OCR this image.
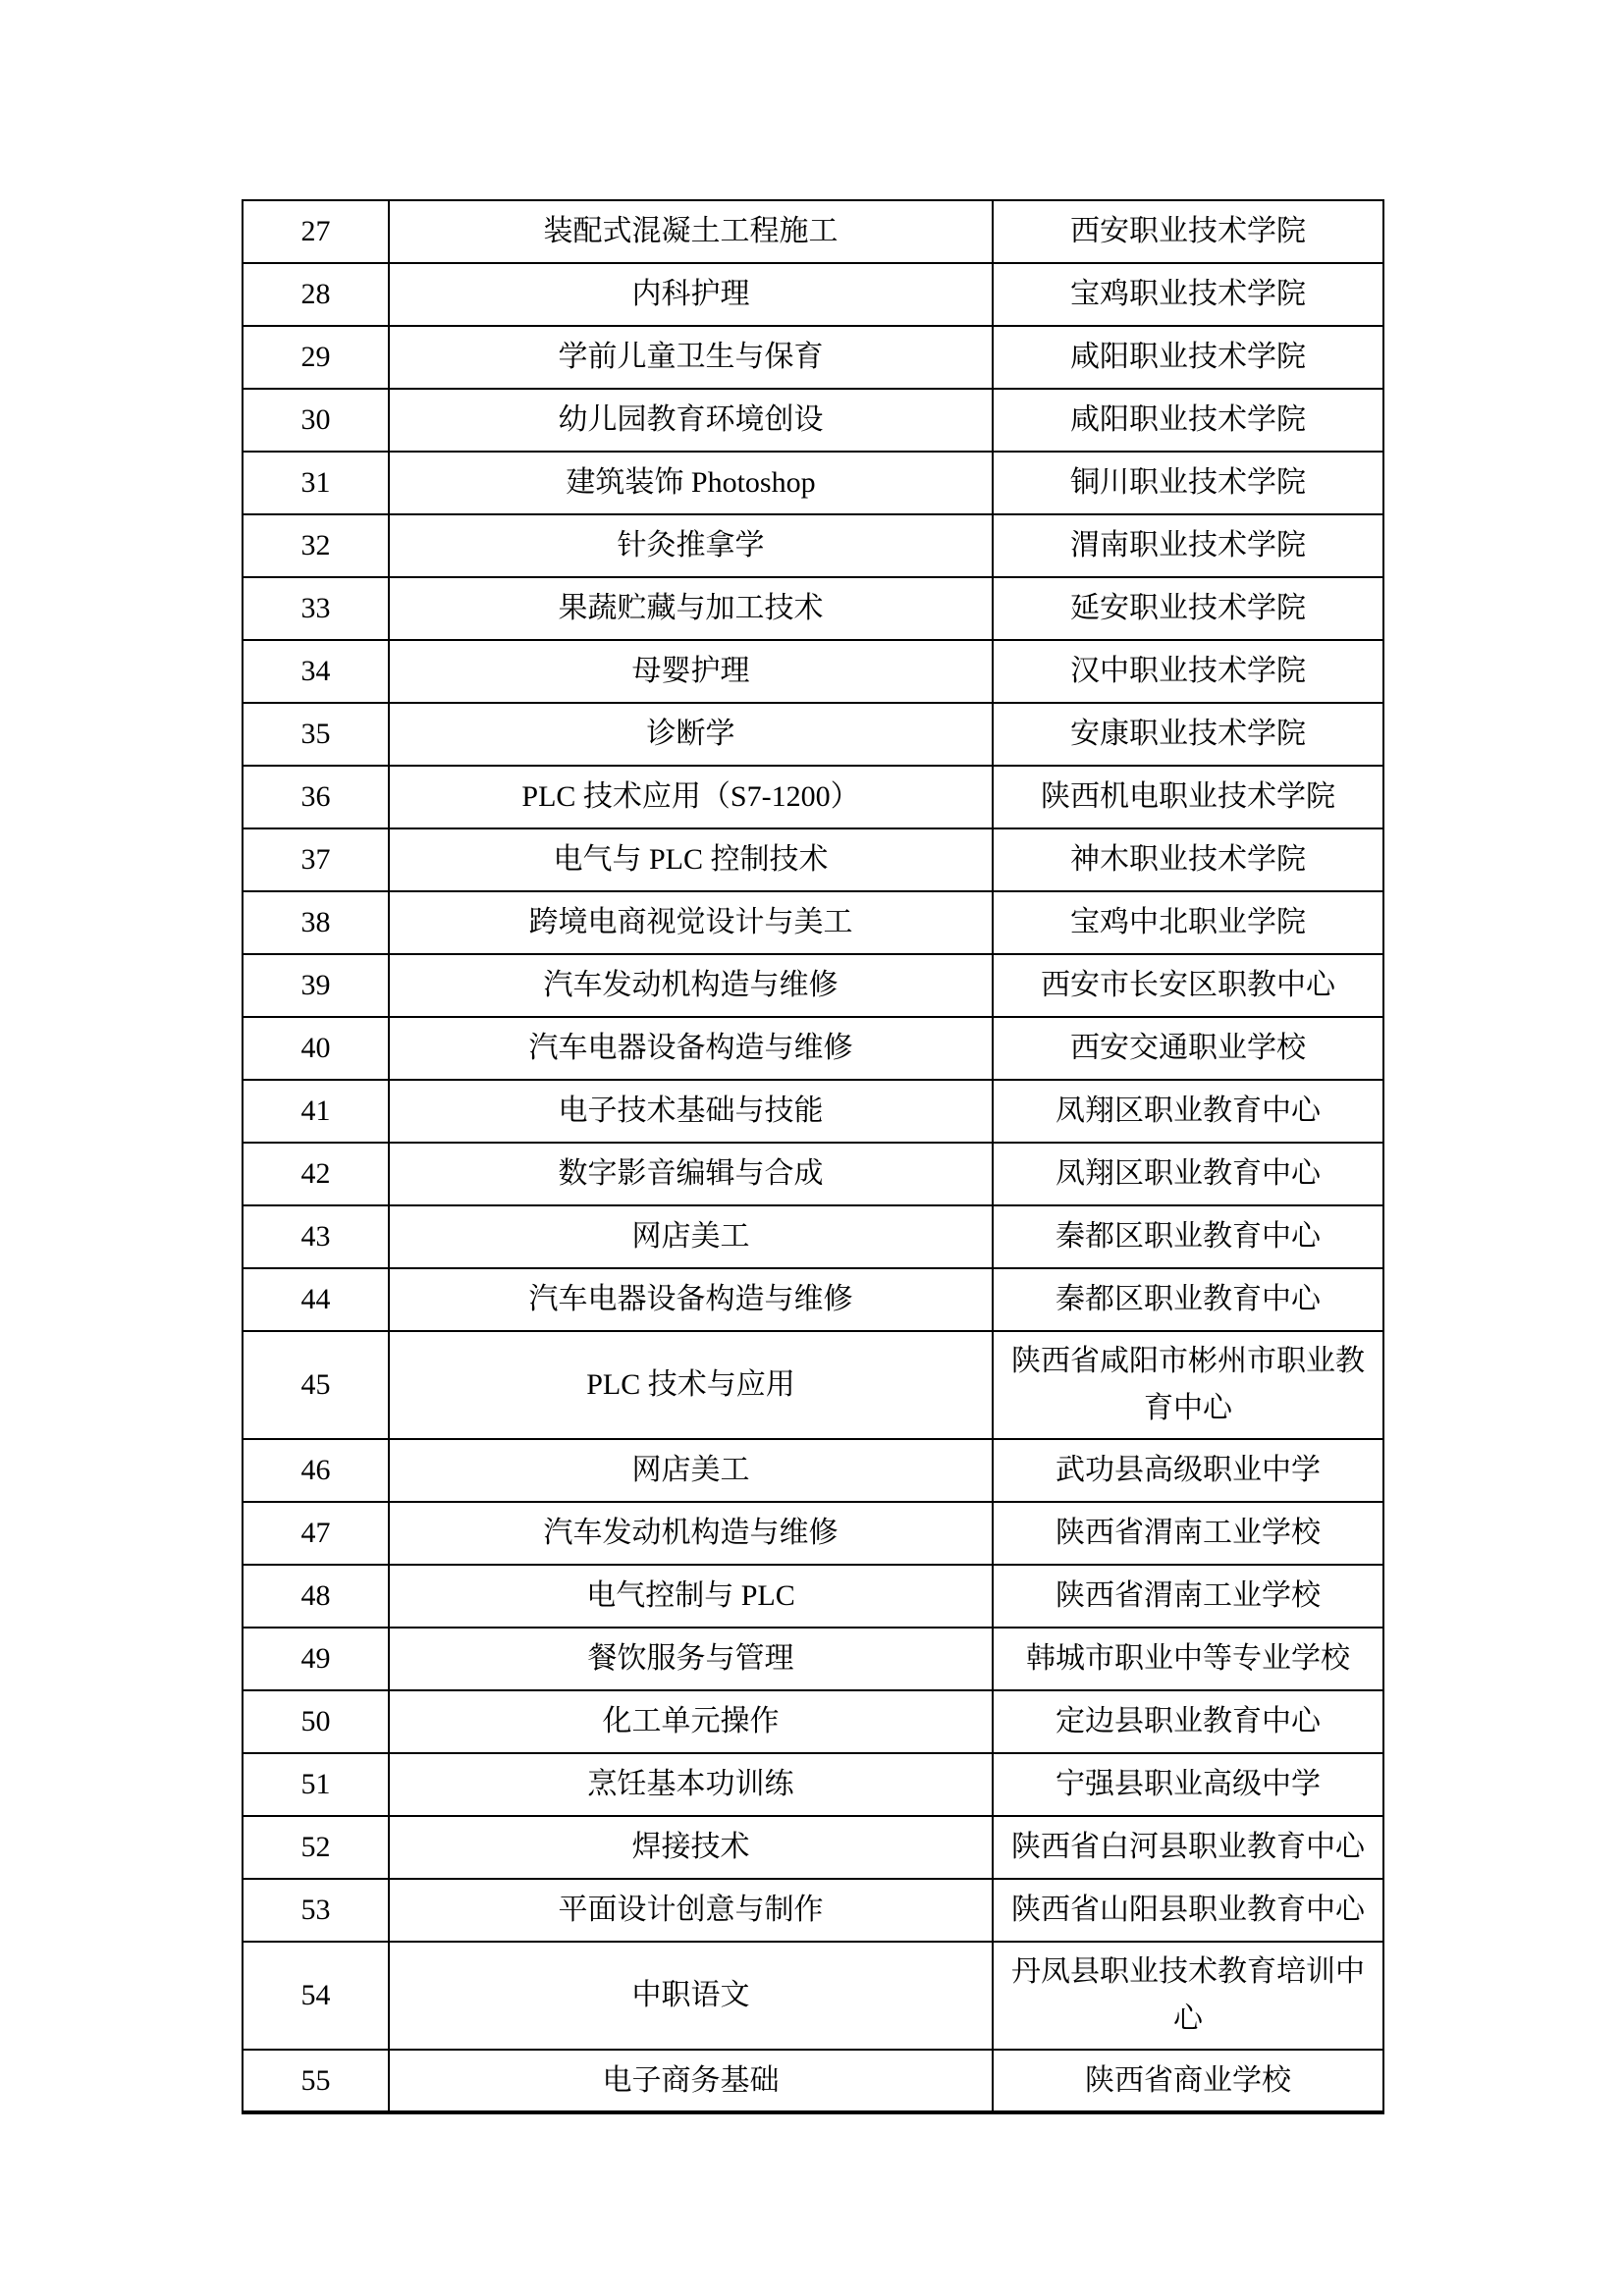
27	装配式混凝土工程施工	西安职业技术学院
28	内科护理	宝鸡职业技术学院
29	学前儿童卫生与保育	咸阳职业技术学院
30	幼儿园教育环境创设	咸阳职业技术学院
31	建筑装饰 Photoshop	铜川职业技术学院
32	针灸推拿学	渭南职业技术学院
33	果蔬贮藏与加工技术	延安职业技术学院
34	母婴护理	汉中职业技术学院
35	诊断学	安康职业技术学院
36	PLC 技术应用（S7-1200）	陕西机电职业技术学院
37	电气与 PLC 控制技术	神木职业技术学院
38	跨境电商视觉设计与美工	宝鸡中北职业学院
39	汽车发动机构造与维修	西安市长安区职教中心
40	汽车电器设备构造与维修	西安交通职业学校
41	电子技术基础与技能	凤翔区职业教育中心
42	数字影音编辑与合成	凤翔区职业教育中心
43	网店美工	秦都区职业教育中心
44	汽车电器设备构造与维修	秦都区职业教育中心
45	PLC 技术与应用	陕西省咸阳市彬州市职业教育中心
46	网店美工	武功县高级职业中学
47	汽车发动机构造与维修	陕西省渭南工业学校
48	电气控制与 PLC	陕西省渭南工业学校
49	餐饮服务与管理	韩城市职业中等专业学校
50	化工单元操作	定边县职业教育中心
51	烹饪基本功训练	宁强县职业高级中学
52	焊接技术	陕西省白河县职业教育中心
53	平面设计创意与制作	陕西省山阳县职业教育中心
54	中职语文	丹凤县职业技术教育培训中心
55	电子商务基础	陕西省商业学校
